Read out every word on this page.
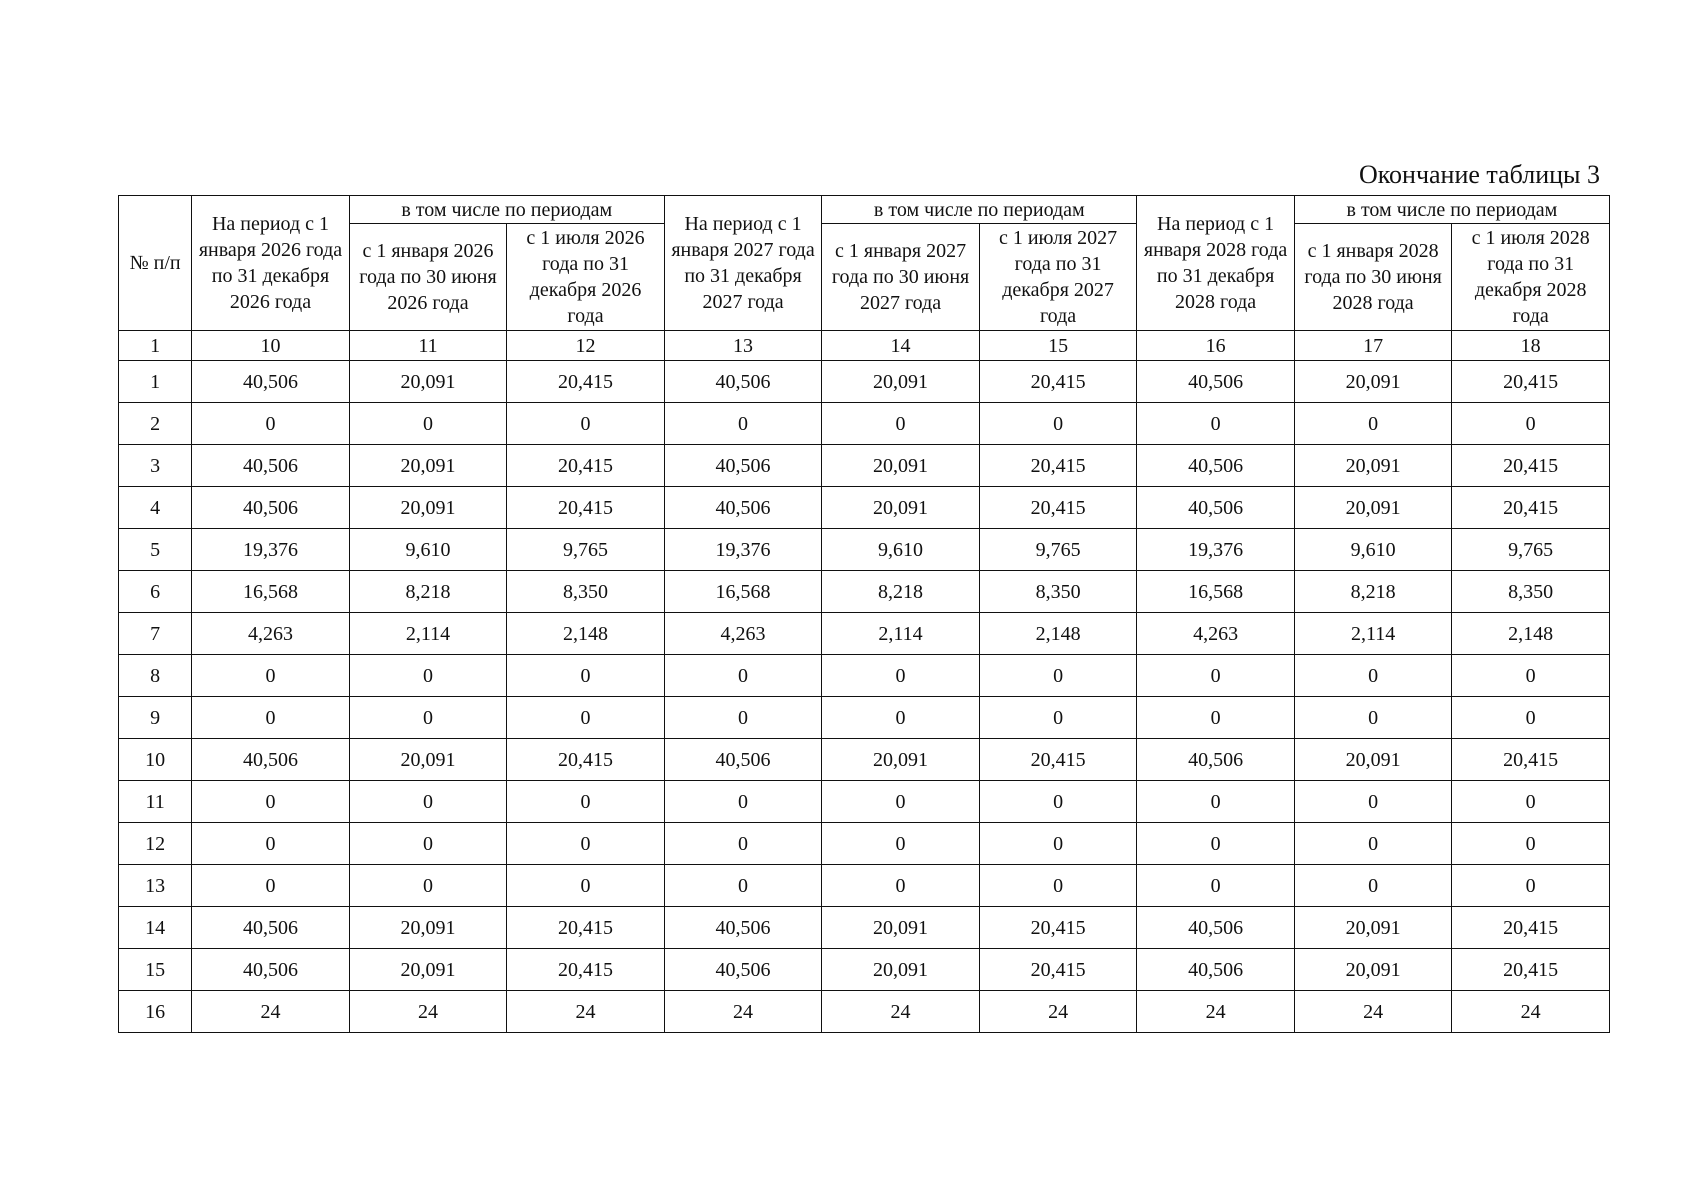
Окончание таблицы 3
№ п/п	На период с 1 января 2026 года по 31 декабря 2026 года	в том числе по периодам		На период с 1 января 2027 года по 31 декабря 2027 года	в том числе по периодам		На период с 1 января 2028 года по 31 декабря 2028 года	в том числе по периодам	
		с 1 января 2026 года по 30 июня 2026 года	с 1 июля 2026 года по 31 декабря 2026 года		с 1 января 2027 года по 30 июня 2027 года	с 1 июля 2027 года по 31 декабря 2027 года		с 1 января 2028 года по 30 июня 2028 года	с 1 июля 2028 года по 31 декабря 2028 года
1	10	11	12	13	14	15	16	17	18
1	40,506	20,091	20,415	40,506	20,091	20,415	40,506	20,091	20,415
2	0	0	0	0	0	0	0	0	0
3	40,506	20,091	20,415	40,506	20,091	20,415	40,506	20,091	20,415
4	40,506	20,091	20,415	40,506	20,091	20,415	40,506	20,091	20,415
5	19,376	9,610	9,765	19,376	9,610	9,765	19,376	9,610	9,765
6	16,568	8,218	8,350	16,568	8,218	8,350	16,568	8,218	8,350
7	4,263	2,114	2,148	4,263	2,114	2,148	4,263	2,114	2,148
8	0	0	0	0	0	0	0	0	0
9	0	0	0	0	0	0	0	0	0
10	40,506	20,091	20,415	40,506	20,091	20,415	40,506	20,091	20,415
11	0	0	0	0	0	0	0	0	0
12	0	0	0	0	0	0	0	0	0
13	0	0	0	0	0	0	0	0	0
14	40,506	20,091	20,415	40,506	20,091	20,415	40,506	20,091	20,415
15	40,506	20,091	20,415	40,506	20,091	20,415	40,506	20,091	20,415
16	24	24	24	24	24	24	24	24	24
